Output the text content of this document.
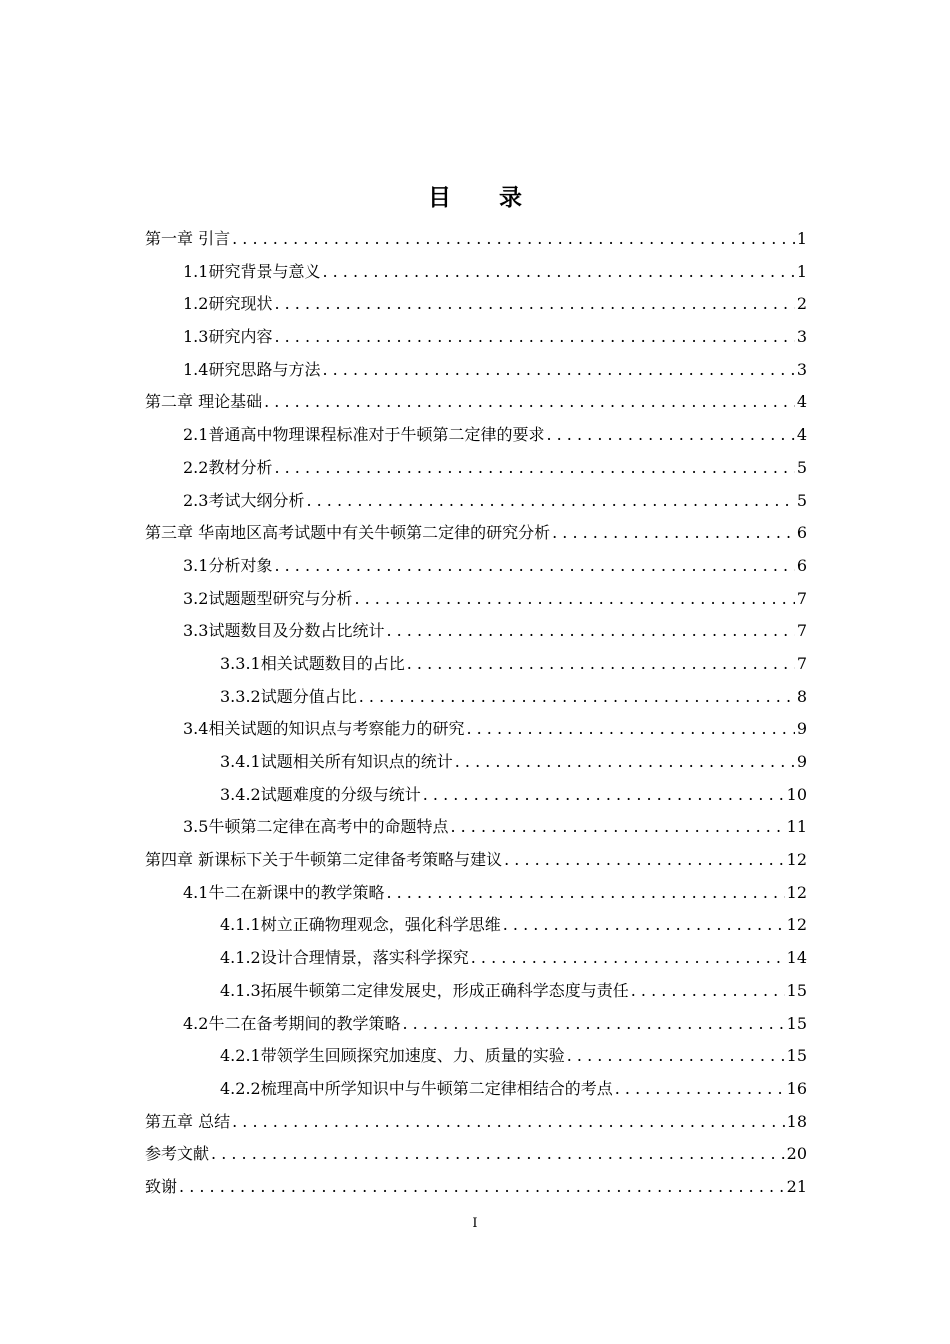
目 录
第一章 引言 . . .	1
1.1研究背景与意义 . . .	1
1.2研究现状 . . .	2
1.3研究内容 . . .	3
1.4研究思路与方法 . . .	3
第二章 理论基础 . . .	4
2.1普通高中物理课程标准对于牛顿第二定律的要求 . . .	4
2.2教材分析 . . .	5
2.3考试大纲分析 . . .	5
第三章 华南地区高考试题中有关牛顿第二定律的研究分析 . . .	6
3.1分析对象 . . .	6
3.2试题题型研究与分析 . . .	7
3.3试题数目及分数占比统计 . . .	7
3.3.1相关试题数目的占比 . . .	7
3.3.2试题分值占比 . . .	8
3.4相关试题的知识点与考察能力的研究 . . .	9
3.4.1试题相关所有知识点的统计 . . .	9
3.4.2试题难度的分级与统计 . . .	10
3.5牛顿第二定律在高考中的命题特点 . . .	11
第四章 新课标下关于牛顿第二定律备考策略与建议 . . .	12
4.1牛二在新课中的教学策略 . . .	12
4.1.1树立正确物理观念，强化科学思维 . . .	12
4.1.2设计合理情景，落实科学探究 . . .	14
4.1.3拓展牛顿第二定律发展史，形成正确科学态度与责任 . . .	15
4.2牛二在备考期间的教学策略 . . .	15
4.2.1带领学生回顾探究加速度、力、质量的实验 . . .	15
4.2.2梳理高中所学知识中与牛顿第二定律相结合的考点 . . .	16
第五章 总结 . . .	18
参考文献 . . .	20
致谢 . . .	21
I
